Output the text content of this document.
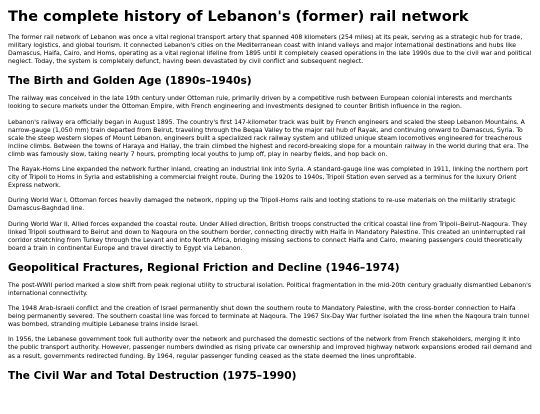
The complete history of Lebanon's (former) rail network

The former rail network of Lebanon was once a vital regional transport artery that spanned 408 kilometers (254 miles) at its peak, serving as a strategic hub for trade, military logistics, and global tourism. It connected Lebanon's cities on the Mediterranean coast with inland valleys and major international destinations and hubs like Damascus, Haifa, Cairo, and Homs, operating as a vital regional lifeline from 1895 until it completely ceased operations in the late 1990s due to the civil war and political neglect. Today, the system is completely defunct, having been devastated by civil conflict and subsequent neglect.

The Birth and Golden Age (1890s–1940s)

The railway was conceived in the late 19th century under Ottoman rule, primarily driven by a competitive rush between European colonial interests and merchants looking to secure markets under the Ottoman Empire, with French engineering and investments designed to counter British influence in the region.

Lebanon's railway era officially began in August 1895. The country's first 147-kilometer track was built by French engineers and scaled the steep Lebanon Mountains. A narrow-gauge (1,050 mm) train departed from Beirut, traveling through the Beqaa Valley to the major rail hub of Rayak, and continuing onward to Damascus, Syria. To scale the steep western slopes of Mount Lebanon, engineers built a specialized rack railway system and utilized unique steam locomotives engineered for treacherous incline climbs. Between the towns of Haraya and Hallay, the train climbed the highest and record-breaking slope for a mountain railway in the world during that era. The climb was famously slow, taking nearly 7 hours, prompting local youths to jump off, play in nearby fields, and hop back on.

The Rayak-Homs Line expanded the network further inland, creating an industrial link into Syria. A standard-gauge line was completed in 1911, linking the northern port city of Tripoli to Homs in Syria and establishing a commercial freight route. During the 1920s to 1940s, Tripoli Station even served as a terminus for the luxury Orient Express network.

During World War I, Ottoman forces heavily damaged the network, ripping up the Tripoli-Homs rails and looting stations to re-use materials on the militarily strategic Damascus-Baghdad line.

During World War II, Allied forces expanded the coastal route. Under Allied direction, British troops constructed the critical coastal line from Tripoli–Beirut–Naqoura. They linked Tripoli southward to Beirut and down to Naqoura on the southern border, connecting directly with Haifa in Mandatory Palestine. This created an uninterrupted rail corridor stretching from Turkey through the Levant and into North Africa, bridging missing sections to connect Haifa and Cairo, meaning passengers could theoretically board a train in continental Europe and travel directly to Egypt via Lebanon.

Geopolitical Fractures, Regional Friction and Decline (1946–1974)

The post-WWII period marked a slow shift from peak regional utility to structural isolation. Political fragmentation in the mid-20th century gradually dismantled Lebanon's international connectivity.

The 1948 Arab-Israeli conflict and the creation of Israel permanently shut down the southern route to Mandatory Palestine, with the cross-border connection to Haifa being permanently severed. The southern coastal line was forced to terminate at Naqoura. The 1967 Six-Day War further isolated the line when the Naqoura train tunnel was bombed, stranding multiple Lebanese trains inside Israel.

In 1956, the Lebanese government took full authority over the network and purchased the domestic sections of the network from French stakeholders, merging it into the public transport authority. However, passenger numbers dwindled as rising private car ownership and improved highway network expansions eroded rail demand and as a result, governments redirected funding. By 1964, regular passenger funding ceased as the state deemed the lines unprofitable.

The Civil War and Total Destruction (1975–1990)
